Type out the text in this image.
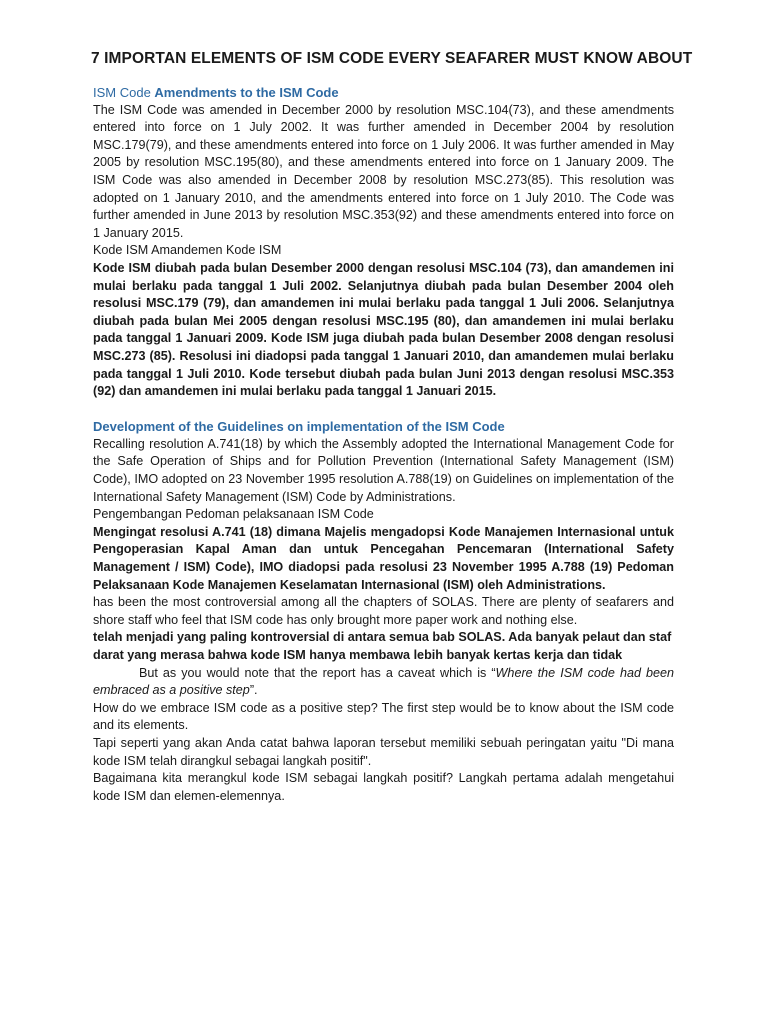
7 IMPORTAN ELEMENTS OF ISM CODE EVERY SEAFARER MUST KNOW ABOUT
ISM Code Amendments to the ISM Code

The ISM Code was amended in December 2000 by resolution MSC.104(73), and these amendments entered into force on 1 July 2002. It was further amended in December 2004 by resolution MSC.179(79), and these amendments entered into force on 1 July 2006. It was further amended in May 2005 by resolution MSC.195(80), and these amendments entered into force on 1 January 2009. The ISM Code was also amended in December 2008 by resolution MSC.273(85). This resolution was adopted on 1 January 2010, and the amendments entered into force on 1 July 2010. The Code was further amended in June 2013 by resolution MSC.353(92) and these amendments entered into force on 1 January 2015.

Kode ISM Amandemen Kode ISM

Kode ISM diubah pada bulan Desember 2000 dengan resolusi MSC.104 (73), dan amandemen ini mulai berlaku pada tanggal 1 Juli 2002. Selanjutnya diubah pada bulan Desember 2004 oleh resolusi MSC.179 (79), dan amandemen ini mulai berlaku pada tanggal 1 Juli 2006. Selanjutnya diubah pada bulan Mei 2005 dengan resolusi MSC.195 (80), dan amandemen ini mulai berlaku pada tanggal 1 Januari 2009. Kode ISM juga diubah pada bulan Desember 2008 dengan resolusi MSC.273 (85). Resolusi ini diadopsi pada tanggal 1 Januari 2010, dan amandemen mulai berlaku pada tanggal 1 Juli 2010. Kode tersebut diubah pada bulan Juni 2013 dengan resolusi MSC.353 (92) dan amandemen ini mulai berlaku pada tanggal 1 Januari 2015.

Development of the Guidelines on implementation of the ISM Code

Recalling resolution A.741(18) by which the Assembly adopted the International Management Code for the Safe Operation of Ships and for Pollution Prevention (International Safety Management (ISM) Code), IMO adopted on 23 November 1995 resolution A.788(19) on Guidelines on implementation of the International Safety Management (ISM) Code by Administrations.

Pengembangan Pedoman pelaksanaan ISM Code

Mengingat resolusi A.741 (18) dimana Majelis mengadopsi Kode Manajemen Internasional untuk Pengoperasian Kapal Aman dan untuk Pencegahan Pencemaran (International Safety Management / ISM) Code), IMO diadopsi pada resolusi 23 November 1995 A.788 (19) Pedoman Pelaksanaan Kode Manajemen Keselamatan Internasional (ISM) oleh Administrations.

has been the most controversial among all the chapters of SOLAS. There are plenty of seafarers and shore staff who feel that ISM code has only brought more paper work and nothing else.

telah menjadi yang paling kontroversial di antara semua bab SOLAS. Ada banyak pelaut dan staf darat yang merasa bahwa kode ISM hanya membawa lebih banyak kertas kerja dan tidak

But as you would note that the report has a caveat which is “Where the ISM code had been embraced as a positive step”.

How do we embrace ISM code as a positive step? The first step would be to know about the ISM code and its elements.

Tapi seperti yang akan Anda catat bahwa laporan tersebut memiliki sebuah peringatan yaitu "Di mana kode ISM telah dirangkul sebagai langkah positif".

Bagaimana kita merangkul kode ISM sebagai langkah positif? Langkah pertama adalah mengetahui kode ISM dan elemen-elemennya.
